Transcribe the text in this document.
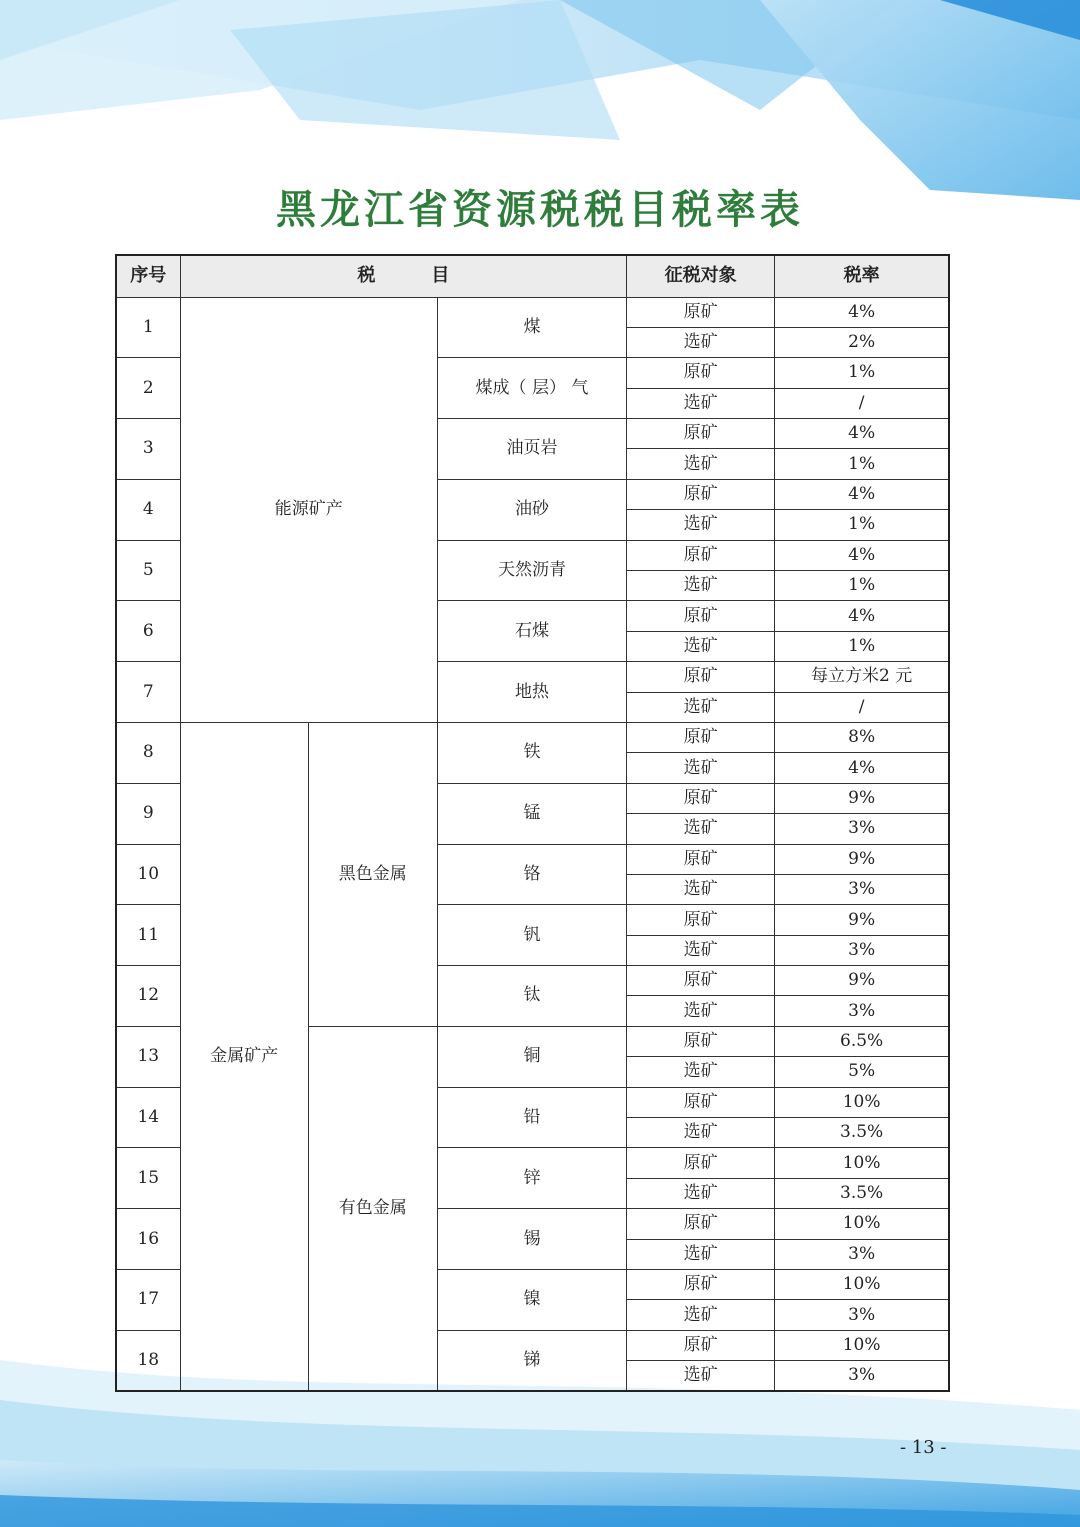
黑龙江省资源税税目税率表
序号	税 目			征税对象	税率
1	能源矿产		煤	原矿	4%
				选矿	2%
2			煤成（ 层） 气	原矿	1%
				选矿	/
3			油页岩	原矿	4%
				选矿	1%
4			油砂	原矿	4%
				选矿	1%
5			天然沥青	原矿	4%
				选矿	1%
6			石煤	原矿	4%
				选矿	1%
7			地热	原矿	每立方米2 元
				选矿	/
8	金属矿产	黑色金属	铁	原矿	8%
				选矿	4%
9			锰	原矿	9%
				选矿	3%
10			铬	原矿	9%
				选矿	3%
11			钒	原矿	9%
				选矿	3%
12			钛	原矿	9%
				选矿	3%
13		有色金属	铜	原矿	6.5%
				选矿	5%
14			铅	原矿	10%
				选矿	3.5%
15			锌	原矿	10%
				选矿	3.5%
16			锡	原矿	10%
				选矿	3%
17			镍	原矿	10%
				选矿	3%
18			锑	原矿	10%
				选矿	3%
- 13 -
